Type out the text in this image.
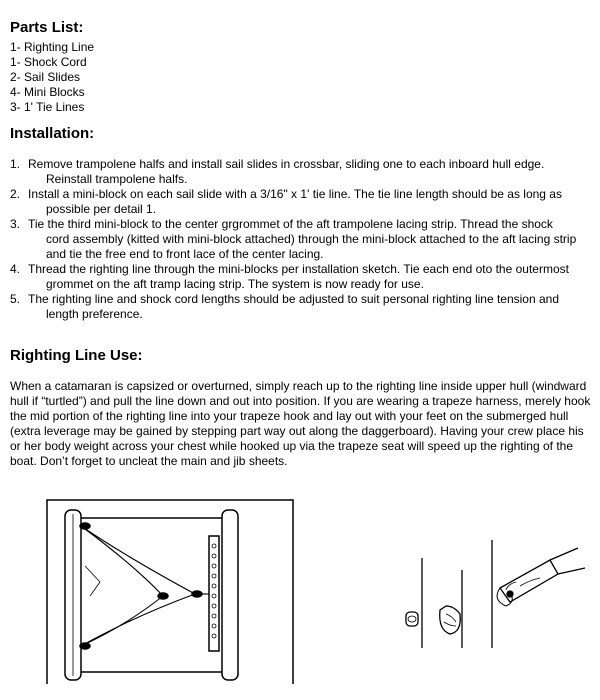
Parts List:
1- Righting Line
1- Shock Cord
2- Sail Slides
4- Mini Blocks
3- 1' Tie Lines
Installation:
1. Remove trampolene halfs and install sail slides in crossbar, sliding one to each inboard hull edge.
Reinstall trampolene halfs.
2. Install a mini-block on each sail slide with a 3/16" x 1' tie line. The tie line length should be as long as
possible per detail 1.
3. Tie the third mini-block to the center grgrommet of the aft trampolene lacing strip. Thread the shock
cord assembly (kitted with mini-block attached) through the mini-block attached to the aft lacing strip
and tie the free end to front lace of the center lacing.
4. Thread the righting line through the mini-blocks per installation sketch. Tie each end oto the outermost
grommet on the aft tramp lacing strip. The system is now ready for use.
5. The righting line and shock cord lengths should be adjusted to suit personal righting line tension and
length preference.
Righting Line Use:

When a catamaran is capsized or overturned, simply reach up to the righting line inside upper hull (windward hull if “turtled”) and pull the line down and out into position. If you are wearing a trapeze harness, merely hook the mid portion of the righting line into your trapeze hook and lay out with your feet on the submerged hull (extra leverage may be gained by stepping part way out along the daggerboard). Having your crew place his or her body weight across your chest while hooked up via the trapeze seat will speed up the righting of the boat. Don’t forget to uncleat the main and jib sheets.
